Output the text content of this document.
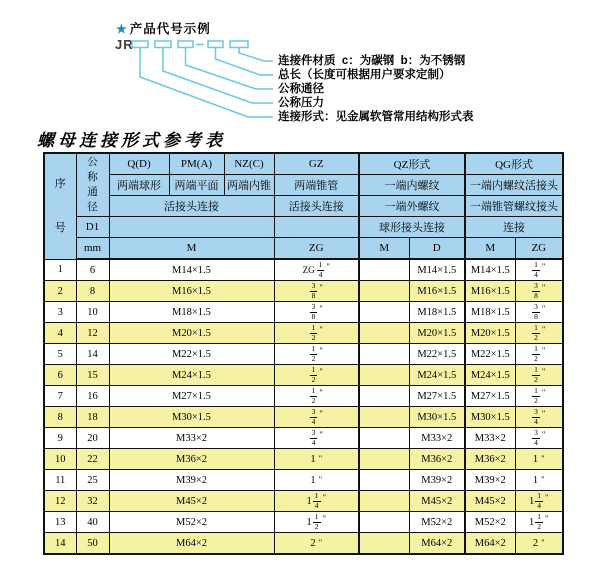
★ 产品代号示例
JR
连接件材质  c：为碳钢  b：为不锈钢
总长（长度可根据用户要求定制）
公称通径
公称压力
连接形式：见金属软管常用结构形式表
螺母连接形式参考表
序号	公称通径	Q(D)	PM(A)	NZ(C)	GZ	QZ形式		QG形式	
		两端球形	两端平面	两端内锥	两端锥管	一端内螺纹		一端内螺纹活接头	
		活接头连接			活接头连接	一端外螺纹		一端锥管螺纹接头	
	D1					球形接头连接		连接	
	mm	M			ZG	M	D	M	ZG
1	6	M14×1.5			ZG $\frac{1}{4}$ "		M14×1.5	M14×1.5	$\frac{1}{4}$ "
2	8	M16×1.5			$\frac{3}{8}$ "		M16×1.5	M16×1.5	$\frac{3}{8}$ "
3	10	M18×1.5			$\frac{3}{8}$ "		M18×1.5	M18×1.5	$\frac{3}{8}$ "
4	12	M20×1.5			$\frac{1}{2}$ "		M20×1.5	M20×1.5	$\frac{1}{2}$ "
5	14	M22×1.5			$\frac{1}{2}$ "		M22×1.5	M22×1.5	$\frac{1}{2}$ "
6	15	M24×1.5			$\frac{1}{2}$ "		M24×1.5	M24×1.5	$\frac{1}{2}$ "
7	16	M27×1.5			$\frac{1}{2}$ "		M27×1.5	M27×1.5	$\frac{1}{2}$ "
8	18	M30×1.5			$\frac{3}{4}$ "		M30×1.5	M30×1.5	$\frac{3}{4}$ "
9	20	M33×2			$\frac{3}{4}$ "		M33×2	M33×2	$\frac{3}{4}$ "
10	22	M36×2			1 "		M36×2	M36×2	1 "
11	25	M39×2			1 "		M39×2	M39×2	1 "
12	32	M45×2			$1 \frac{1}{4}$ "		M45×2	M45×2	$1 \frac{1}{4}$ "
13	40	M52×2			$1 \frac{1}{2}$ "		M52×2	M52×2	$1 \frac{1}{2}$ "
14	50	M64×2			2 "		M64×2	M64×2	2 "
